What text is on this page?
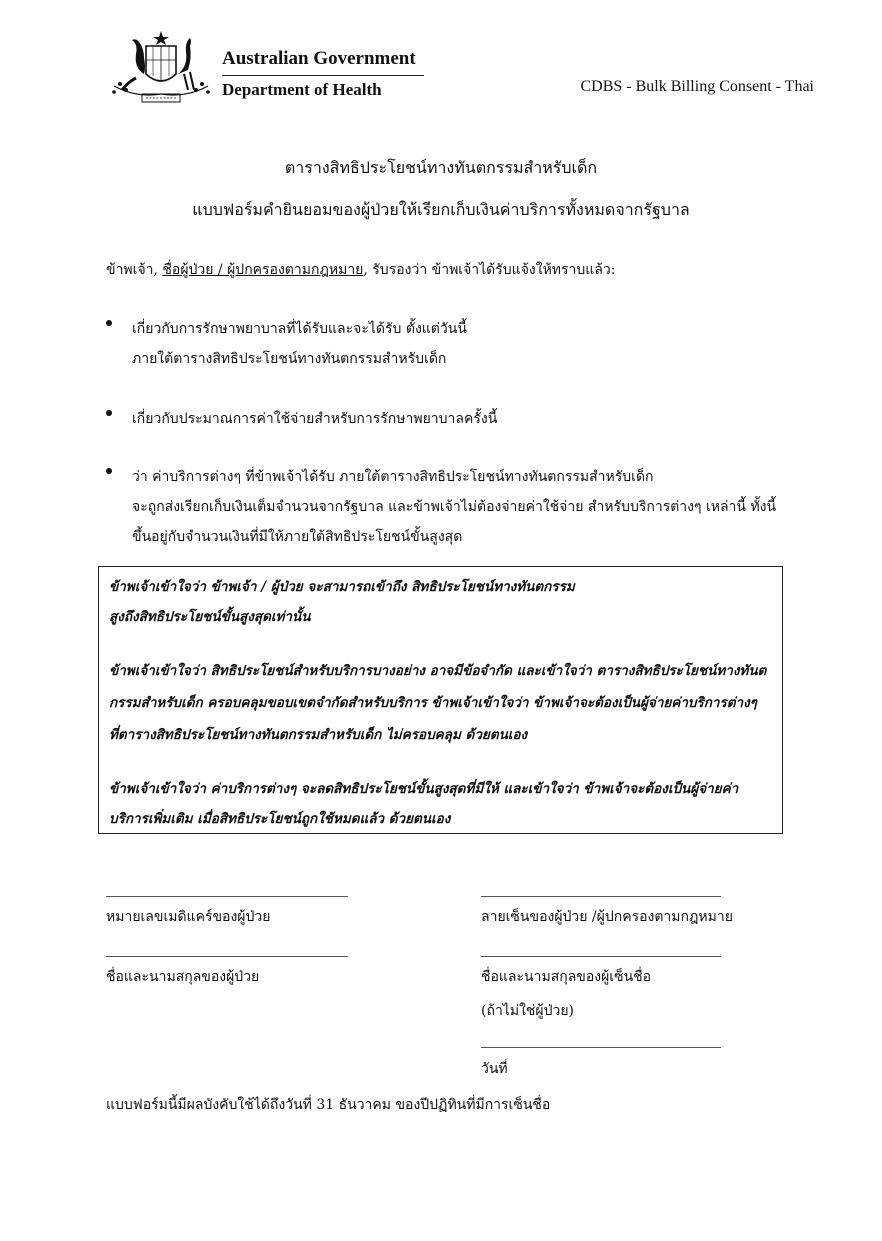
Australian Government
Department of Health	CDBS - Bulk Billing Consent - Thai
ตารางสิทธิประโยชน์ทางทันตกรรมสำหรับเด็ก
แบบฟอร์มคำยินยอมของผู้ป่วยให้เรียกเก็บเงินค่าบริการทั้งหมดจากรัฐบาล
ข้าพเจ้า, ชื่อผู้ป่วย / ผู้ปกครองตามกฎหมาย, รับรองว่า ข้าพเจ้าได้รับแจ้งให้ทราบแล้ว:
เกี่ยวกับการรักษาพยาบาลที่ได้รับและจะได้รับ ตั้งแต่วันนี้
ภายใต้ตารางสิทธิประโยชน์ทางทันตกรรมสำหรับเด็ก
เกี่ยวกับประมาณการค่าใช้จ่ายสำหรับการรักษาพยาบาลครั้งนี้
ว่า ค่าบริการต่างๆ ที่ข้าพเจ้าได้รับ ภายใต้ตารางสิทธิประโยชน์ทางทันตกรรมสำหรับเด็ก
จะถูกส่งเรียกเก็บเงินเต็มจำนวนจากรัฐบาล และข้าพเจ้าไม่ต้องจ่ายค่าใช้จ่าย สำหรับบริการต่างๆ เหล่านี้ ทั้งนี้
ขึ้นอยู่กับจำนวนเงินที่มีให้ภายใต้สิทธิประโยชน์ขั้นสูงสุด
ข้าพเจ้าเข้าใจว่า ข้าพเจ้า / ผู้ป่วย จะสามารถเข้าถึง สิทธิประโยชน์ทางทันตกรรม
สูงถึงสิทธิประโยชน์ขั้นสูงสุดเท่านั้น
ข้าพเจ้าเข้าใจว่า สิทธิประโยชน์สำหรับบริการบางอย่าง อาจมีข้อจำกัด และเข้าใจว่า ตารางสิทธิประโยชน์ทางทันต
กรรมสำหรับเด็ก ครอบคลุมขอบเขตจำกัดสำหรับบริการ ข้าพเจ้าเข้าใจว่า ข้าพเจ้าจะต้องเป็นผู้จ่ายค่าบริการต่างๆ
ที่ตารางสิทธิประโยชน์ทางทันตกรรมสำหรับเด็ก ไม่ครอบคลุม ด้วยตนเอง
ข้าพเจ้าเข้าใจว่า ค่าบริการต่างๆ จะลดสิทธิประโยชน์ขั้นสูงสุดที่มีให้ และเข้าใจว่า ข้าพเจ้าจะต้องเป็นผู้จ่ายค่า
บริการเพิ่มเติม เมื่อสิทธิประโยชน์ถูกใช้หมดแล้ว ด้วยตนเอง
หมายเลขเมดิแคร์ของผู้ป่วย
ชื่อและนามสกุลของผู้ป่วย
ลายเซ็นของผู้ป่วย /ผู้ปกครองตามกฎหมาย
ชื่อและนามสกุลของผู้เซ็นชื่อ
(ถ้าไม่ใช่ผู้ป่วย)
วันที่
แบบฟอร์มนี้มีผลบังคับใช้ได้ถึงวันที่ 31 ธันวาคม ของปีปฏิทินที่มีการเซ็นชื่อ
